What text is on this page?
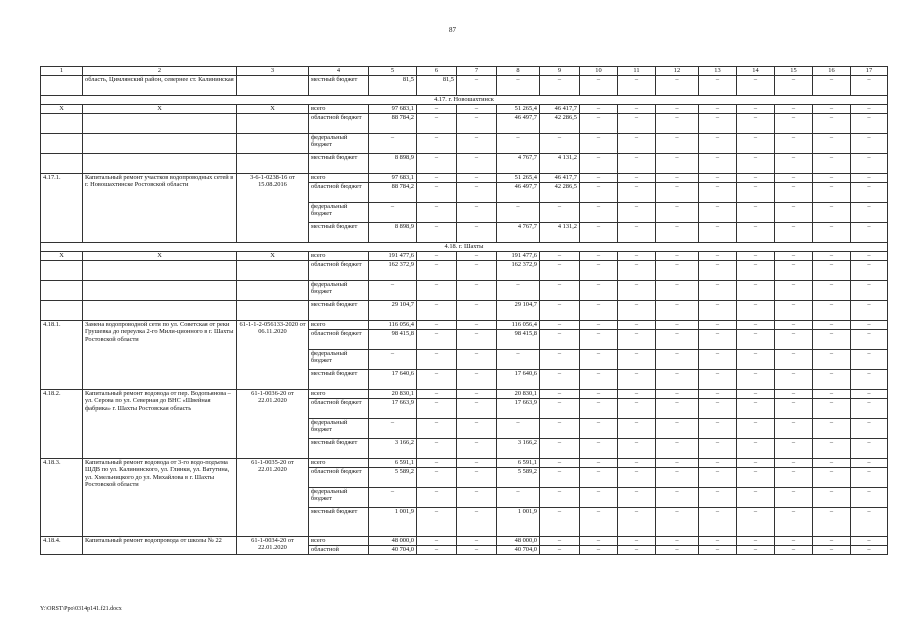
87
1	2	3	4	5	6	7	8	9	10	11	12	13	14	15	16	17
	область, Цимлянский район, севернее ст. Калининская		местный бюджет	81,5	81,5	–	–	–	–	–	–	–	–	–	–	–
4.17. г. Новошахтинск																
Х	Х	Х	всего	97 683,1	–	–	51 265,4	46 417,7	–	–	–	–	–	–	–	–
			областной бюджет	88 784,2	–	–	46 497,7	42 286,5	–	–	–	–	–	–	–	–
			федеральный бюджет	–	–	–	–	–	–	–	–	–	–	–	–	–
			местный бюджет	8 898,9	–	–	4 767,7	4 131,2	–	–	–	–	–	–	–	–
4.17.1.	Капитальный ремонт участков водопроводных сетей в г. Новошахтинске Ростовской области	3-6-1-0238-16 от 15.08.2016	всего	97 683,1	–	–	51 265,4	46 417,7	–	–	–	–	–	–	–	–
			областной бюджет	88 784,2	–	–	46 497,7	42 286,5	–	–	–	–	–	–	–	–
			федеральный бюджет	–	–	–	–	–	–	–	–	–	–	–	–	–
			местный бюджет	8 898,9	–	–	4 767,7	4 131,2	–	–	–	–	–	–	–	–
4.18. г. Шахты																
Х	Х	Х	всего	191 477,6	–	–	191 477,6	–	–	–	–	–	–	–	–	–
			областной бюджет	162 372,9	–	–	162 372,9	–	–	–	–	–	–	–	–	–
			федеральный бюджет	–	–	–	–	–	–	–	–	–	–	–	–	–
			местный бюджет	29 104,7	–	–	29 104,7	–	–	–	–	–	–	–	–	–
4.18.1.	Замена водопроводной сети по ул. Советская от реки Грушевка до переулка 2-го Мили-ционного в г. Шахты Ростовской области	61-1-1-2-056133-2020 от 06.11.2020	всего	116 056,4	–	–	116 056,4	–	–	–	–	–	–	–	–	–
			областной бюджет	98 415,8	–	–	98 415,8	–	–	–	–	–	–	–	–	–
			федеральный бюджет	–	–	–	–	–	–	–	–	–	–	–	–	–
			местный бюджет	17 640,6	–	–	17 640,6	–	–	–	–	–	–	–	–	–
4.18.2.	Капитальный ремонт водовода от пер. Водопьянова – ул. Серова по ул. Северная до ВНС «Швейная фабрика» г. Шахты Ростовская область	61-1-0036-20 от 22.01.2020	всего	20 830,1	–	–	20 830,1	–	–	–	–	–	–	–	–	–
			областной бюджет	17 663,9	–	–	17 663,9	–	–	–	–	–	–	–	–	–
			федеральный бюджет	–	–	–	–	–	–	–	–	–	–	–	–	–
			местный бюджет	3 166,2	–	–	3 166,2	–	–	–	–	–	–	–	–	–
4.18.3.	Капитальный ремонт водовода от 3-го водо-подъема ШДВ по ул. Калининского, ул. Глинки, ул. Ватутина, ул. Хмельницкого до ул. Михайлова в г. Шахты Ростовской области	61-1-0035-20 от 22.01.2020	всего	6 591,1	–	–	6 591,1	–	–	–	–	–	–	–	–	–
			областной бюджет	5 589,2	–	–	5 589,2	–	–	–	–	–	–	–	–	–
			федеральный бюджет	–	–	–	–	–	–	–	–	–	–	–	–	–
			местный бюджет	1 001,9	–	–	1 001,9	–	–	–	–	–	–	–	–	–
4.18.4.	Капитальный ремонт водопровода от школы № 22	61-1-0034-20 от 22.01.2020	всего	48 000,0	–	–	48 000,0	–	–	–	–	–	–	–	–	–
			областной	40 704,0	–	–	40 704,0	–	–	–	–	–	–	–	–	–
Y:\ORST\Ppo\0314p141.f21.docx
